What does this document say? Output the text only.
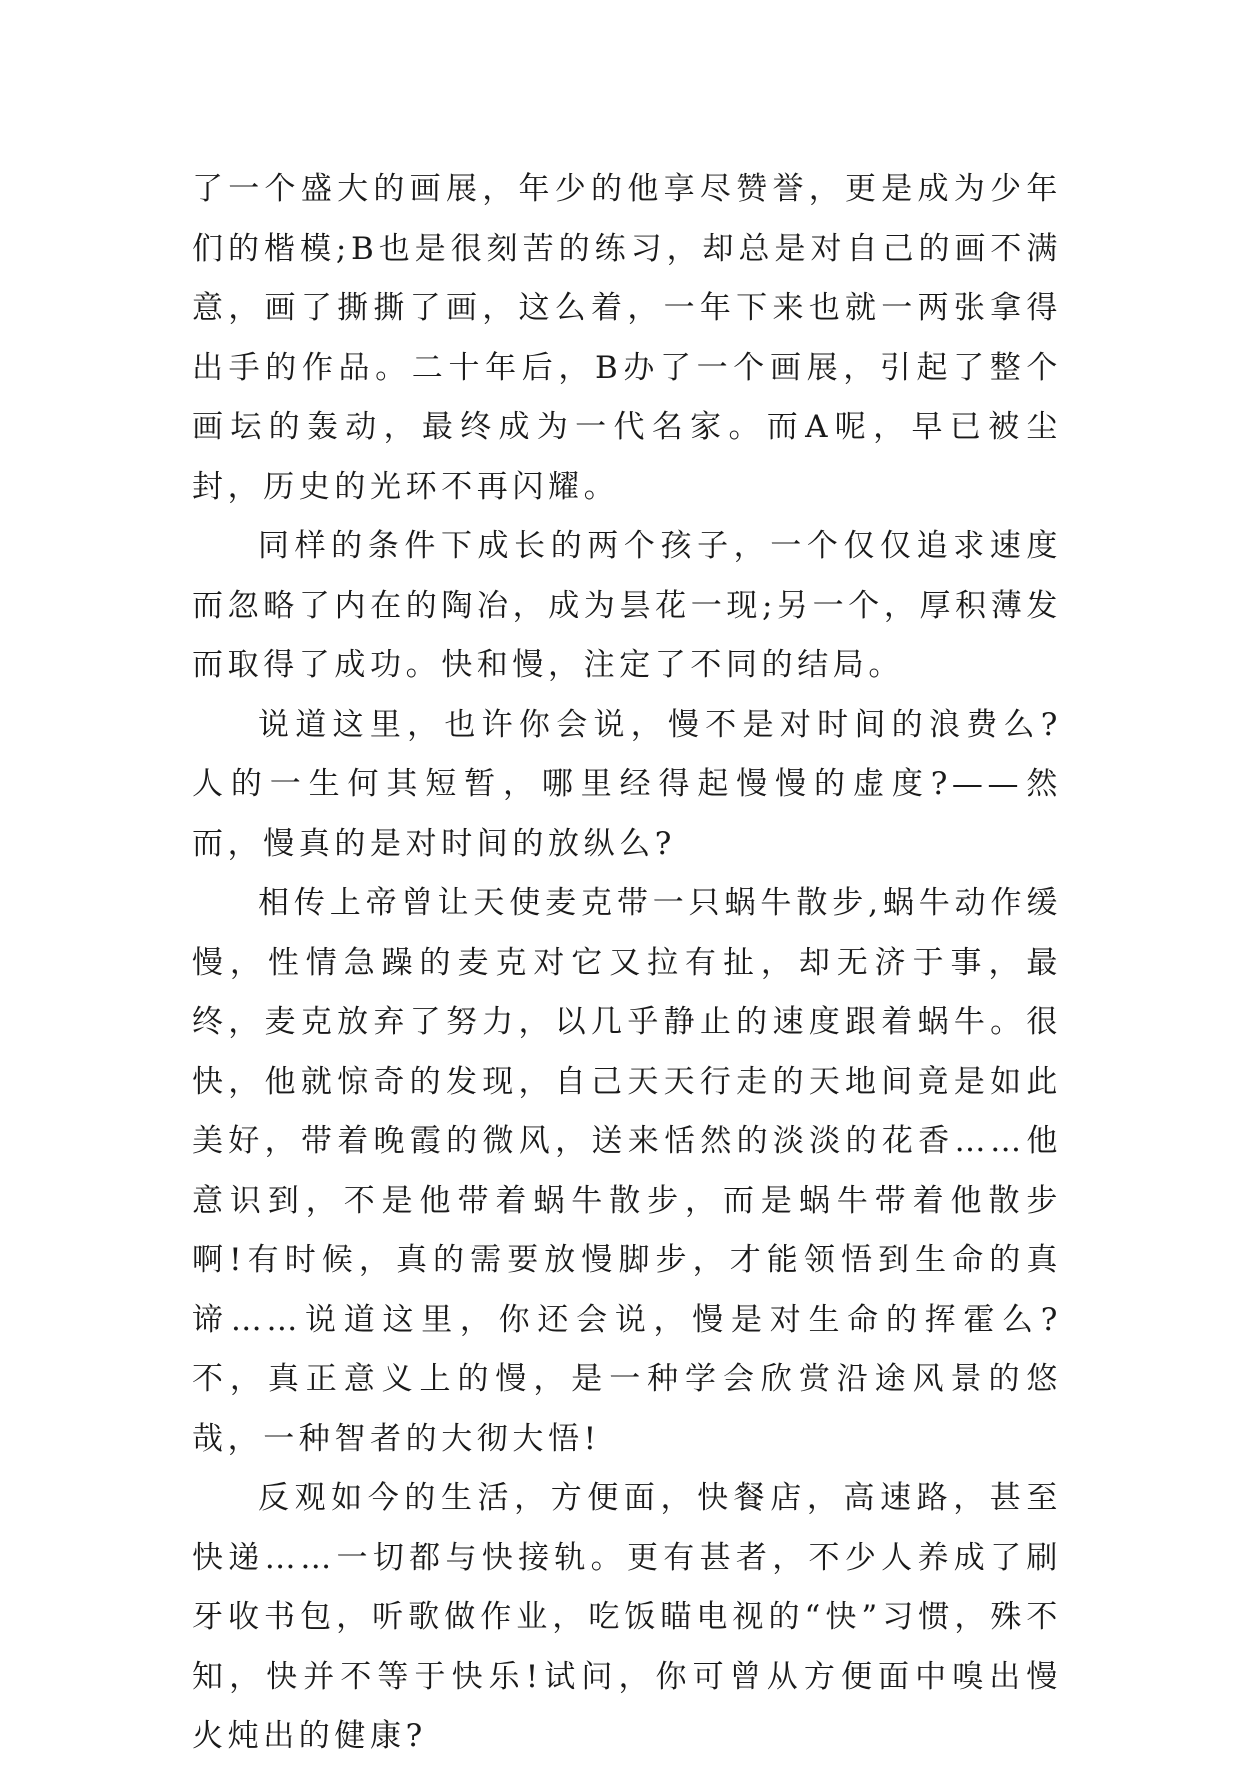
了一个盛大的画展，年少的他享尽赞誉，更是成为少年们的楷模;B也是很刻苦的练习，却总是对自己的画不满意，画了撕撕了画，这么着，一年下来也就一两张拿得出手的作品。二十年后，B办了一个画展，引起了整个画坛的轰动，最终成为一代名家。而A呢，早已被尘封，历史的光环不再闪耀。

同样的条件下成长的两个孩子，一个仅仅追求速度而忽略了内在的陶冶，成为昙花一现;另一个，厚积薄发而取得了成功。快和慢，注定了不同的结局。

说道这里，也许你会说，慢不是对时间的浪费么?人的一生何其短暂，哪里经得起慢慢的虚度?——然而，慢真的是对时间的放纵么?

相传上帝曾让天使麦克带一只蜗牛散步,蜗牛动作缓慢，性情急躁的麦克对它又拉有扯，却无济于事，最终，麦克放弃了努力，以几乎静止的速度跟着蜗牛。很快，他就惊奇的发现，自己天天行走的天地间竟是如此美好，带着晚霞的微风，送来恬然的淡淡的花香……他意识到，不是他带着蜗牛散步，而是蜗牛带着他散步啊!有时候，真的需要放慢脚步，才能领悟到生命的真谛……说道这里，你还会说，慢是对生命的挥霍么?不，真正意义上的慢，是一种学会欣赏沿途风景的悠哉，一种智者的大彻大悟!

反观如今的生活，方便面，快餐店，高速路，甚至快递……一切都与快接轨。更有甚者，不少人养成了刷牙收书包，听歌做作业，吃饭瞄电视的“快”习惯，殊不知，快并不等于快乐!试问，你可曾从方便面中嗅出慢火炖出的健康?
